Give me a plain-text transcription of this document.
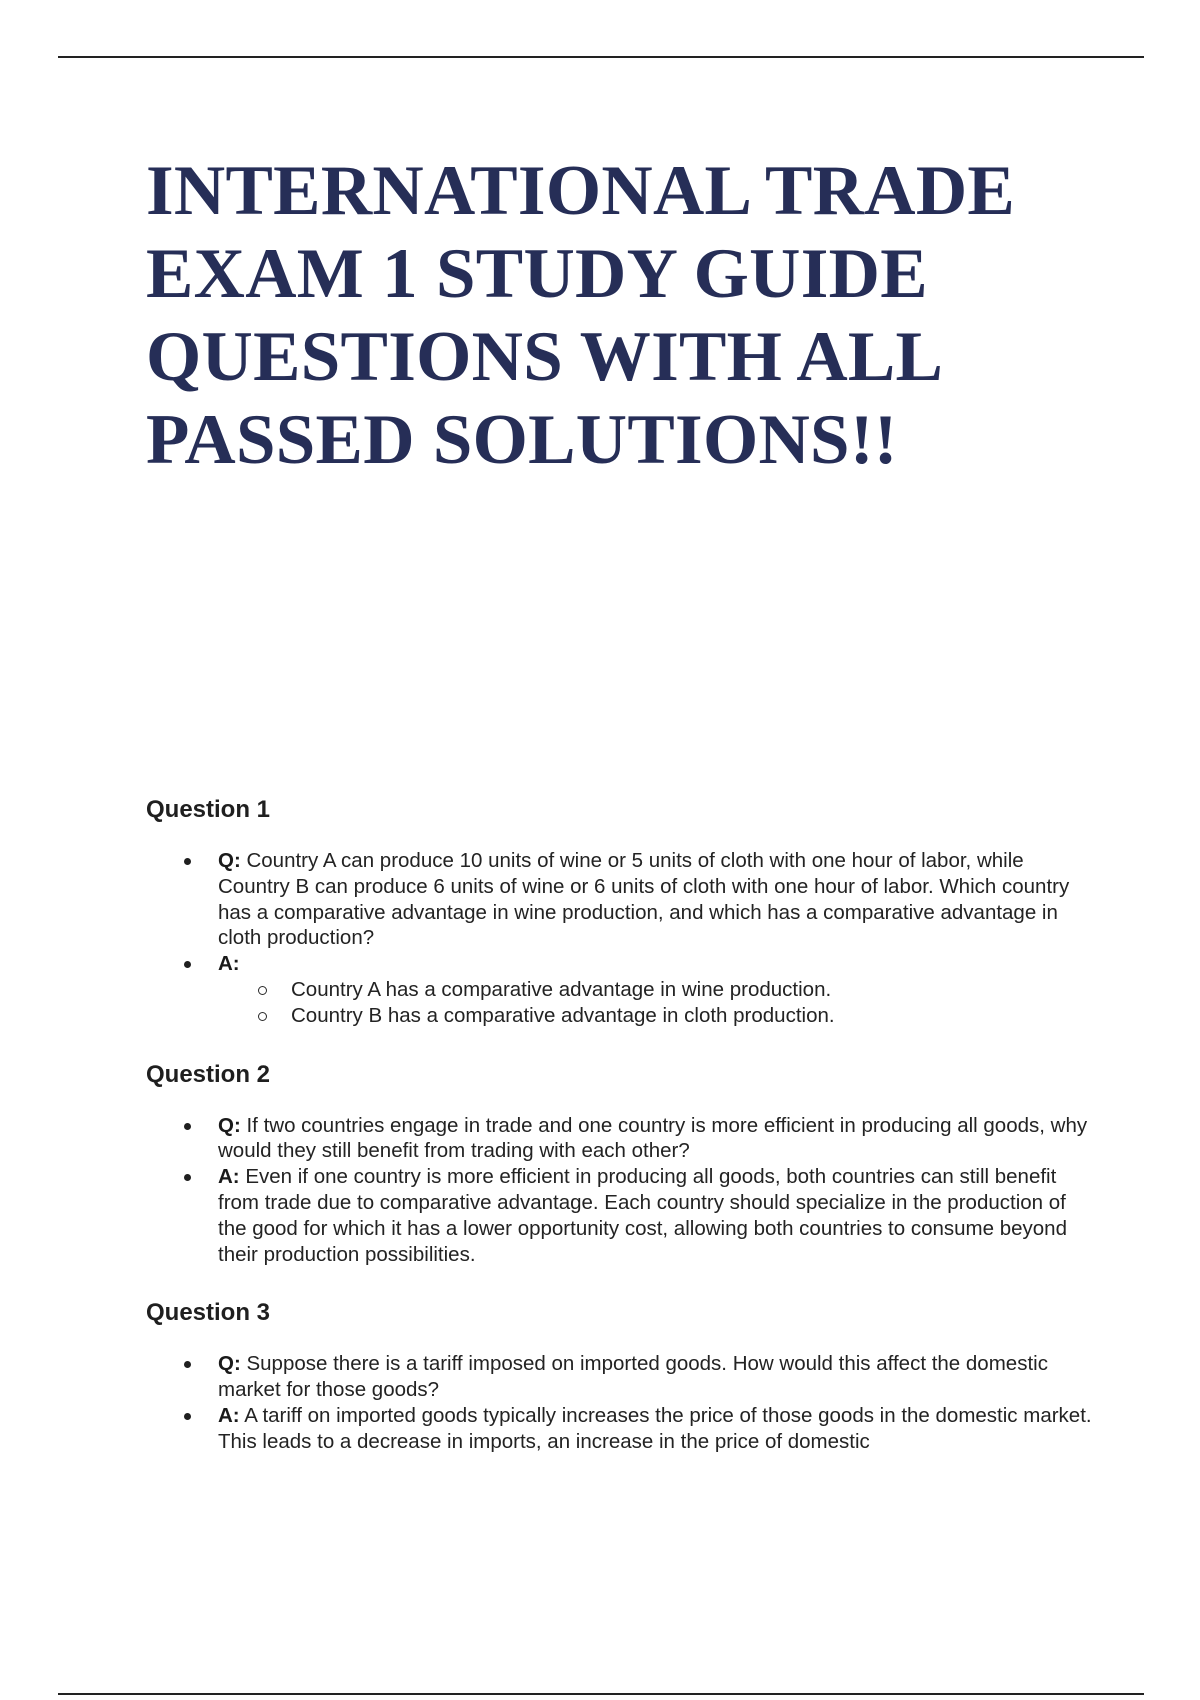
INTERNATIONAL TRADE EXAM 1 STUDY GUIDE QUESTIONS WITH ALL PASSED SOLUTIONS!!
Question 1
Q: Country A can produce 10 units of wine or 5 units of cloth with one hour of labor, while Country B can produce 6 units of wine or 6 units of cloth with one hour of labor. Which country has a comparative advantage in wine production, and which has a comparative advantage in cloth production?
A:
Country A has a comparative advantage in wine production.
Country B has a comparative advantage in cloth production.
Question 2
Q: If two countries engage in trade and one country is more efficient in producing all goods, why would they still benefit from trading with each other?
A: Even if one country is more efficient in producing all goods, both countries can still benefit from trade due to comparative advantage. Each country should specialize in the production of the good for which it has a lower opportunity cost, allowing both countries to consume beyond their production possibilities.
Question 3
Q: Suppose there is a tariff imposed on imported goods. How would this affect the domestic market for those goods?
A: A tariff on imported goods typically increases the price of those goods in the domestic market. This leads to a decrease in imports, an increase in the price of domestic
